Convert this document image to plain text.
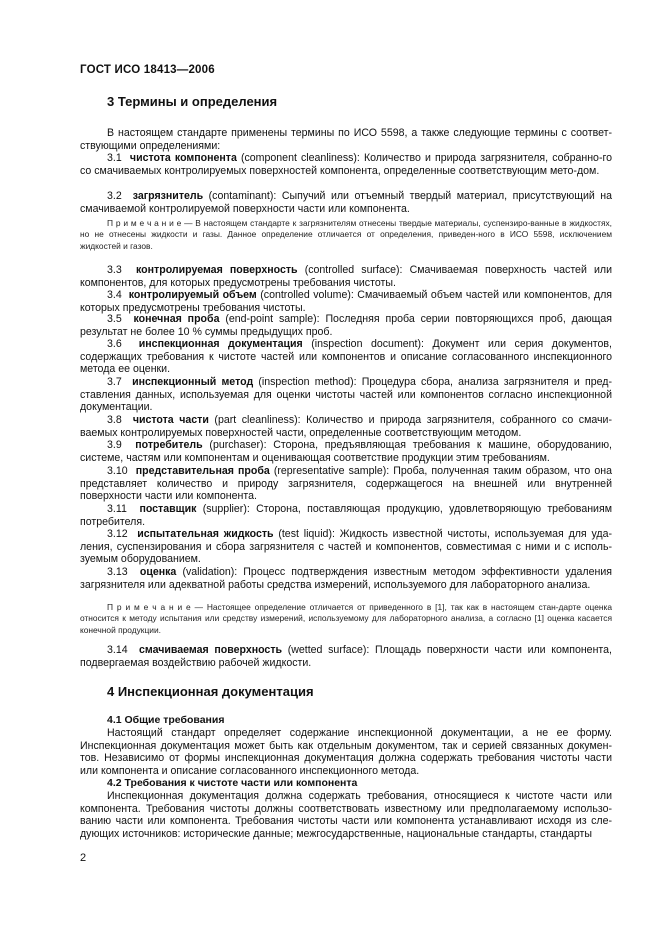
ГОСТ ИСО 18413—2006
3 Термины и определения

В настоящем стандарте применены термины по ИСО 5598, а также следующие термины с соответ-ствующими определениями:

3.1 чистота компонента (component cleanliness): Количество и природа загрязнителя, собранно-го со смачиваемых контролируемых поверхностей компонента, определенные соответствующим мето-дом.

3.2 загрязнитель (contaminant): Сыпучий или отъемный твердый материал, присутствующий на смачиваемой контролируемой поверхности части или компонента.

П р и м е ч а н и е — В настоящем стандарте к загрязнителям отнесены твердые материалы, суспензиро-ванные в жидкостях, но не отнесены жидкости и газы. Данное определение отличается от определения, приведен-ного в ИСО 5598, исключением жидкостей и газов.

3.3 контролируемая поверхность (controlled surface): Смачиваемая поверхность частей или компонентов, для которых предусмотрены требования чистоты.

3.4 контролируемый объем (controlled volume): Смачиваемый объем частей или компонентов, для которых предусмотрены требования чистоты.

3.5 конечная проба (end-point sample): Последняя проба серии повторяющихся проб, дающая результат не более 10 % суммы предыдущих проб.

3.6 инспекционная документация (inspection document): Документ или серия документов, содержащих требования к чистоте частей или компонентов и описание согласованного инспекционного метода ее оценки.

3.7 инспекционный метод (inspection method): Процедура сбора, анализа загрязнителя и пред-ставления данных, используемая для оценки чистоты частей или компонентов согласно инспекционной документации.

3.8 чистота части (part cleanliness): Количество и природа загрязнителя, собранного со смачи-ваемых контролируемых поверхностей части, определенные соответствующим методом.

3.9 потребитель (purchaser): Сторона, предъявляющая требования к машине, оборудованию, системе, частям или компонентам и оценивающая соответствие продукции этим требованиям.

3.10 представительная проба (representative sample): Проба, полученная таким образом, что она представляет количество и природу загрязнителя, содержащегося на внешней или внутренней поверхности части или компонента.

3.11 поставщик (supplier): Сторона, поставляющая продукцию, удовлетворяющую требованиям потребителя.

3.12 испытательная жидкость (test liquid): Жидкость известной чистоты, используемая для уда-ления, суспензирования и сбора загрязнителя с частей и компонентов, совместимая с ними и с исполь-зуемым оборудованием.

3.13 оценка (validation): Процесс подтверждения известным методом эффективности удаления загрязнителя или адекватной работы средства измерений, используемого для лабораторного анализа.

П р и м е ч а н и е — Настоящее определение отличается от приведенного в [1], так как в настоящем стан-дарте оценка относится к методу испытания или средству измерений, используемому для лабораторного анализа, а согласно [1] оценка касается конечной продукции.

3.14 смачиваемая поверхность (wetted surface): Площадь поверхности части или компонента, подвергаемая воздействию рабочей жидкости.

4 Инспекционная документация
4.1 Общие требования

Настоящий стандарт определяет содержание инспекционной документации, а не ее форму. Инспекционная документация может быть как отдельным документом, так и серией связанных докумен-тов. Независимо от формы инспекционная документация должна содержать требования чистоты части или компонента и описание согласованного инспекционного метода.

4.2 Требования к чистоте части или компонента

Инспекционная документация должна содержать требования, относящиеся к чистоте части или компонента. Требования чистоты должны соответствовать известному или предполагаемому использо-ванию части или компонента. Требования чистоты части или компонента устанавливают исходя из сле-дующих источников: исторические данные; межгосударственные, национальные стандарты, стандарты

2
